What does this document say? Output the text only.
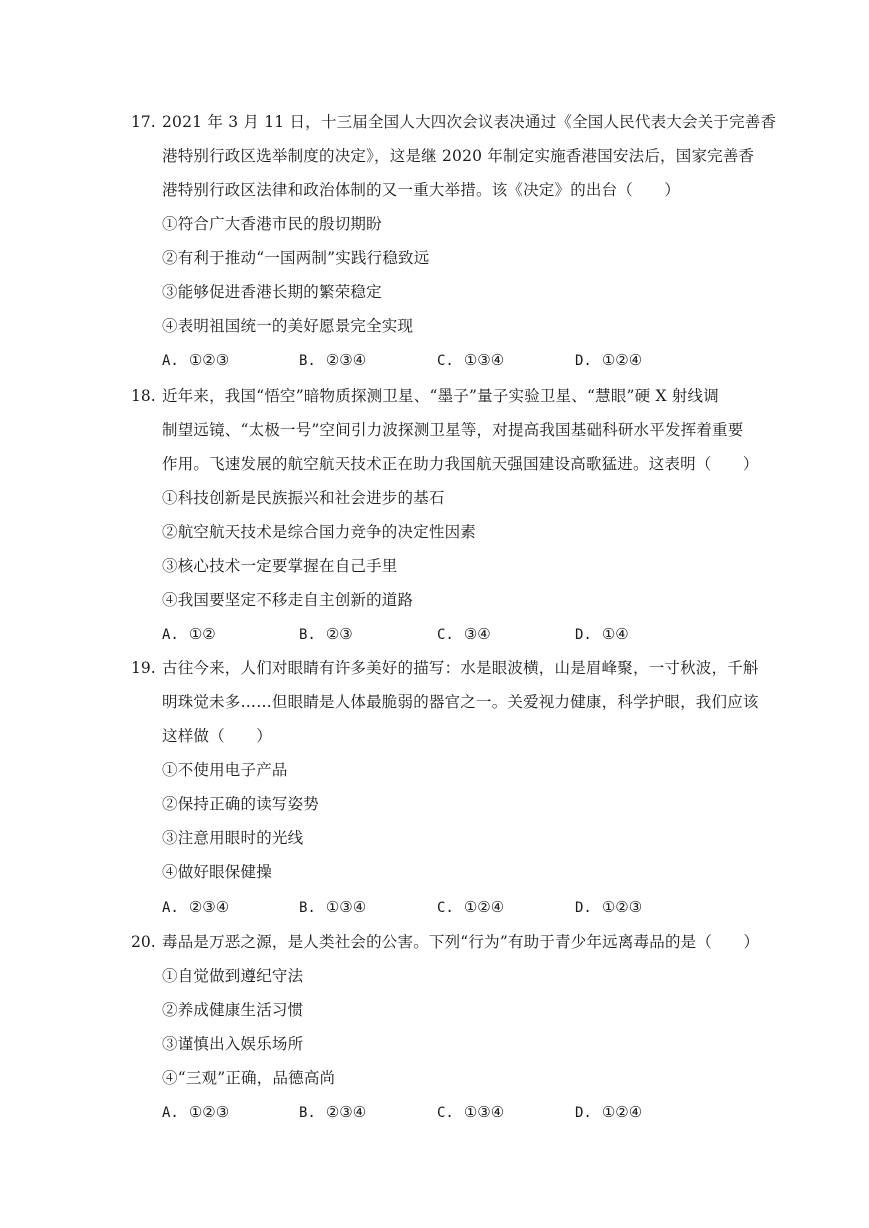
17. 2021 年 3 月 11 日，十三届全国人大四次会议表决通过《全国人民代表大会关于完善香
港特别行政区选举制度的决定》，这是继 2020 年制定实施香港国安法后，国家完善香
港特别行政区法律和政治体制的又一重大举措。该《决定》的出台（　　）
①符合广大香港市民的殷切期盼
②有利于推动“一国两制”实践行稳致远
③能够促进香港长期的繁荣稳定
④表明祖国统一的美好愿景完全实现
A. ①②③	B. ②③④	C. ①③④	D. ①②④
18. 近年来，我国“悟空”暗物质探测卫星、“墨子”量子实验卫星、“慧眼”硬 X 射线调
制望远镜、“太极一号”空间引力波探测卫星等，对提高我国基础科研水平发挥着重要
作用。飞速发展的航空航天技术正在助力我国航天强国建设高歌猛进。这表明（　　）
①科技创新是民族振兴和社会进步的基石
②航空航天技术是综合国力竞争的决定性因素
③核心技术一定要掌握在自己手里
④我国要坚定不移走自主创新的道路
A. ①②	B. ②③	C. ③④	D. ①④
19. 古往今来，人们对眼睛有许多美好的描写：水是眼波横，山是眉峰聚，一寸秋波，千斛
明珠觉未多……但眼睛是人体最脆弱的器官之一。关爱视力健康，科学护眼，我们应该
这样做（　　）
①不使用电子产品
②保持正确的读写姿势
③注意用眼时的光线
④做好眼保健操
A. ②③④	B. ①③④	C. ①②④	D. ①②③
20. 毒品是万恶之源，是人类社会的公害。下列“行为”有助于青少年远离毒品的是（　　）
①自觉做到遵纪守法
②养成健康生活习惯
③谨慎出入娱乐场所
④“三观”正确，品德高尚
A. ①②③	B. ②③④	C. ①③④	D. ①②④
